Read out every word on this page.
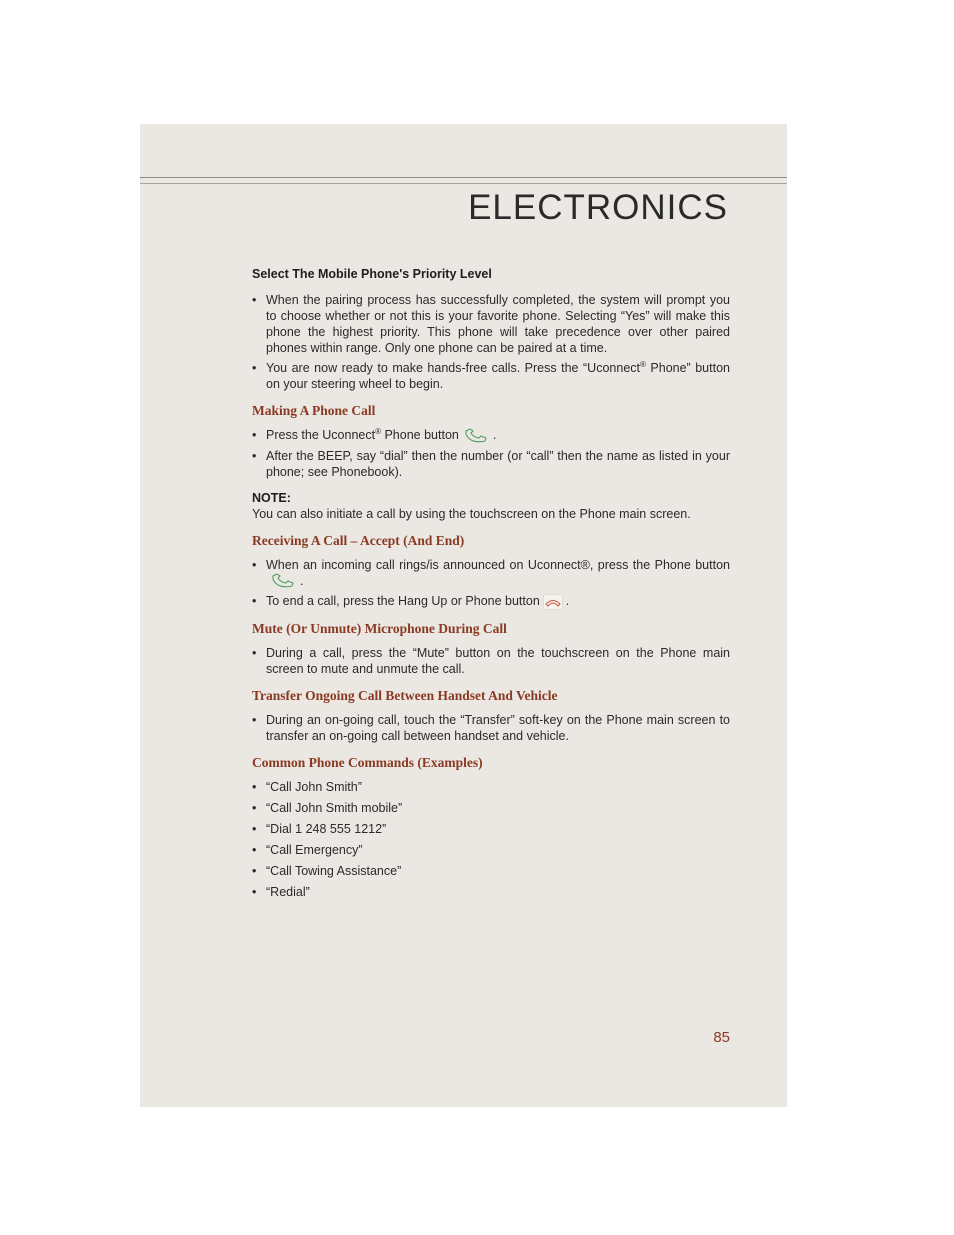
ELECTRONICS
Select The Mobile Phone's Priority Level
• When the pairing process has successfully completed, the system will prompt you to choose whether or not this is your favorite phone. Selecting “Yes” will make this phone the highest priority. This phone will take precedence over other paired phones within range. Only one phone can be paired at a time.
• You are now ready to make hands-free calls. Press the “Uconnect® Phone” button on your steering wheel to begin.
Making A Phone Call
• Press the Uconnect® Phone button	.
• After the BEEP, say “dial” then the number (or “call” then the name as listed in your phone; see Phonebook).
NOTE:
You can also initiate a call by using the touchscreen on the Phone main screen.
Receiving A Call – Accept (And End)
• When an incoming call rings/is announced on Uconnect®, press the Phone button.
• To end a call, press the Hang Up or Phone button .
Mute (Or Unmute) Microphone During Call
• During a call, press the “Mute” button on the touchscreen on the Phone main screen to mute and unmute the call.
Transfer Ongoing Call Between Handset And Vehicle
• During an on-going call, touch the “Transfer” soft-key on the Phone main screen to transfer an on-going call between handset and vehicle.
Common Phone Commands (Examples)
• “Call John Smith”
• “Call John Smith mobile”
• “Dial 1 248 555 1212”
• “Call Emergency”
• “Call Towing Assistance”
• “Redial”
85
